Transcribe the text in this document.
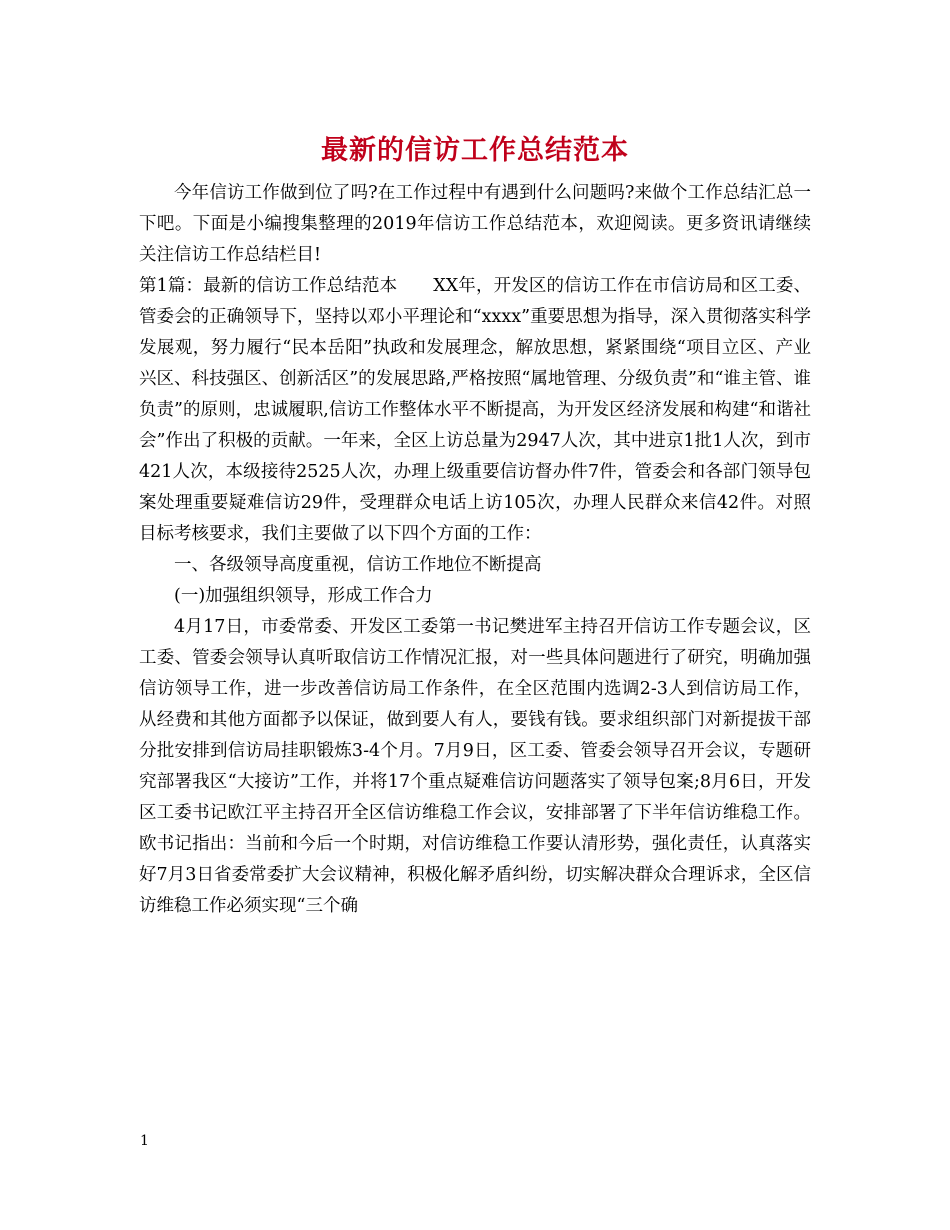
最新的信访工作总结范本

今年信访工作做到位了吗?在工作过程中有遇到什么问题吗?来做个工作总结汇总一下吧。下面是小编搜集整理的2019年信访工作总结范本，欢迎阅读。更多资讯请继续关注信访工作总结栏目!

第1篇：最新的信访工作总结范本 XX年，开发区的信访工作在市信访局和区工委、管委会的正确领导下，坚持以邓小平理论和“xxxx”重要思想为指导，深入贯彻落实科学发展观，努力履行“民本岳阳”执政和发展理念，解放思想，紧紧围绕“项目立区、产业兴区、科技强区、创新活区”的发展思路,严格按照“属地管理、分级负责”和“谁主管、谁负责”的原则，忠诚履职,信访工作整体水平不断提高，为开发区经济发展和构建“和谐社会”作出了积极的贡献。一年来，全区上访总量为2947人次，其中进京1批1人次，到市421人次，本级接待2525人次，办理上级重要信访督办件7件，管委会和各部门领导包案处理重要疑难信访29件，受理群众电话上访105次，办理人民群众来信42件。对照目标考核要求，我们主要做了以下四个方面的工作：

一、各级领导高度重视，信访工作地位不断提高

(一)加强组织领导，形成工作合力

4月17日，市委常委、开发区工委第一书记樊进军主持召开信访工作专题会议，区工委、管委会领导认真听取信访工作情况汇报，对一些具体问题进行了研究，明确加强信访领导工作，进一步改善信访局工作条件，在全区范围内选调2-3人到信访局工作，从经费和其他方面都予以保证，做到要人有人，要钱有钱。要求组织部门对新提拔干部分批安排到信访局挂职锻炼3-4个月。7月9日，区工委、管委会领导召开会议，专题研究部署我区“大接访”工作，并将17个重点疑难信访问题落实了领导包案;8月6日，开发区工委书记欧江平主持召开全区信访维稳工作会议，安排部署了下半年信访维稳工作。欧书记指出：当前和今后一个时期，对信访维稳工作要认清形势，强化责任，认真落实好7月3日省委常委扩大会议精神，积极化解矛盾纠纷，切实解决群众合理诉求，全区信访维稳工作必须实现“三个确

1
